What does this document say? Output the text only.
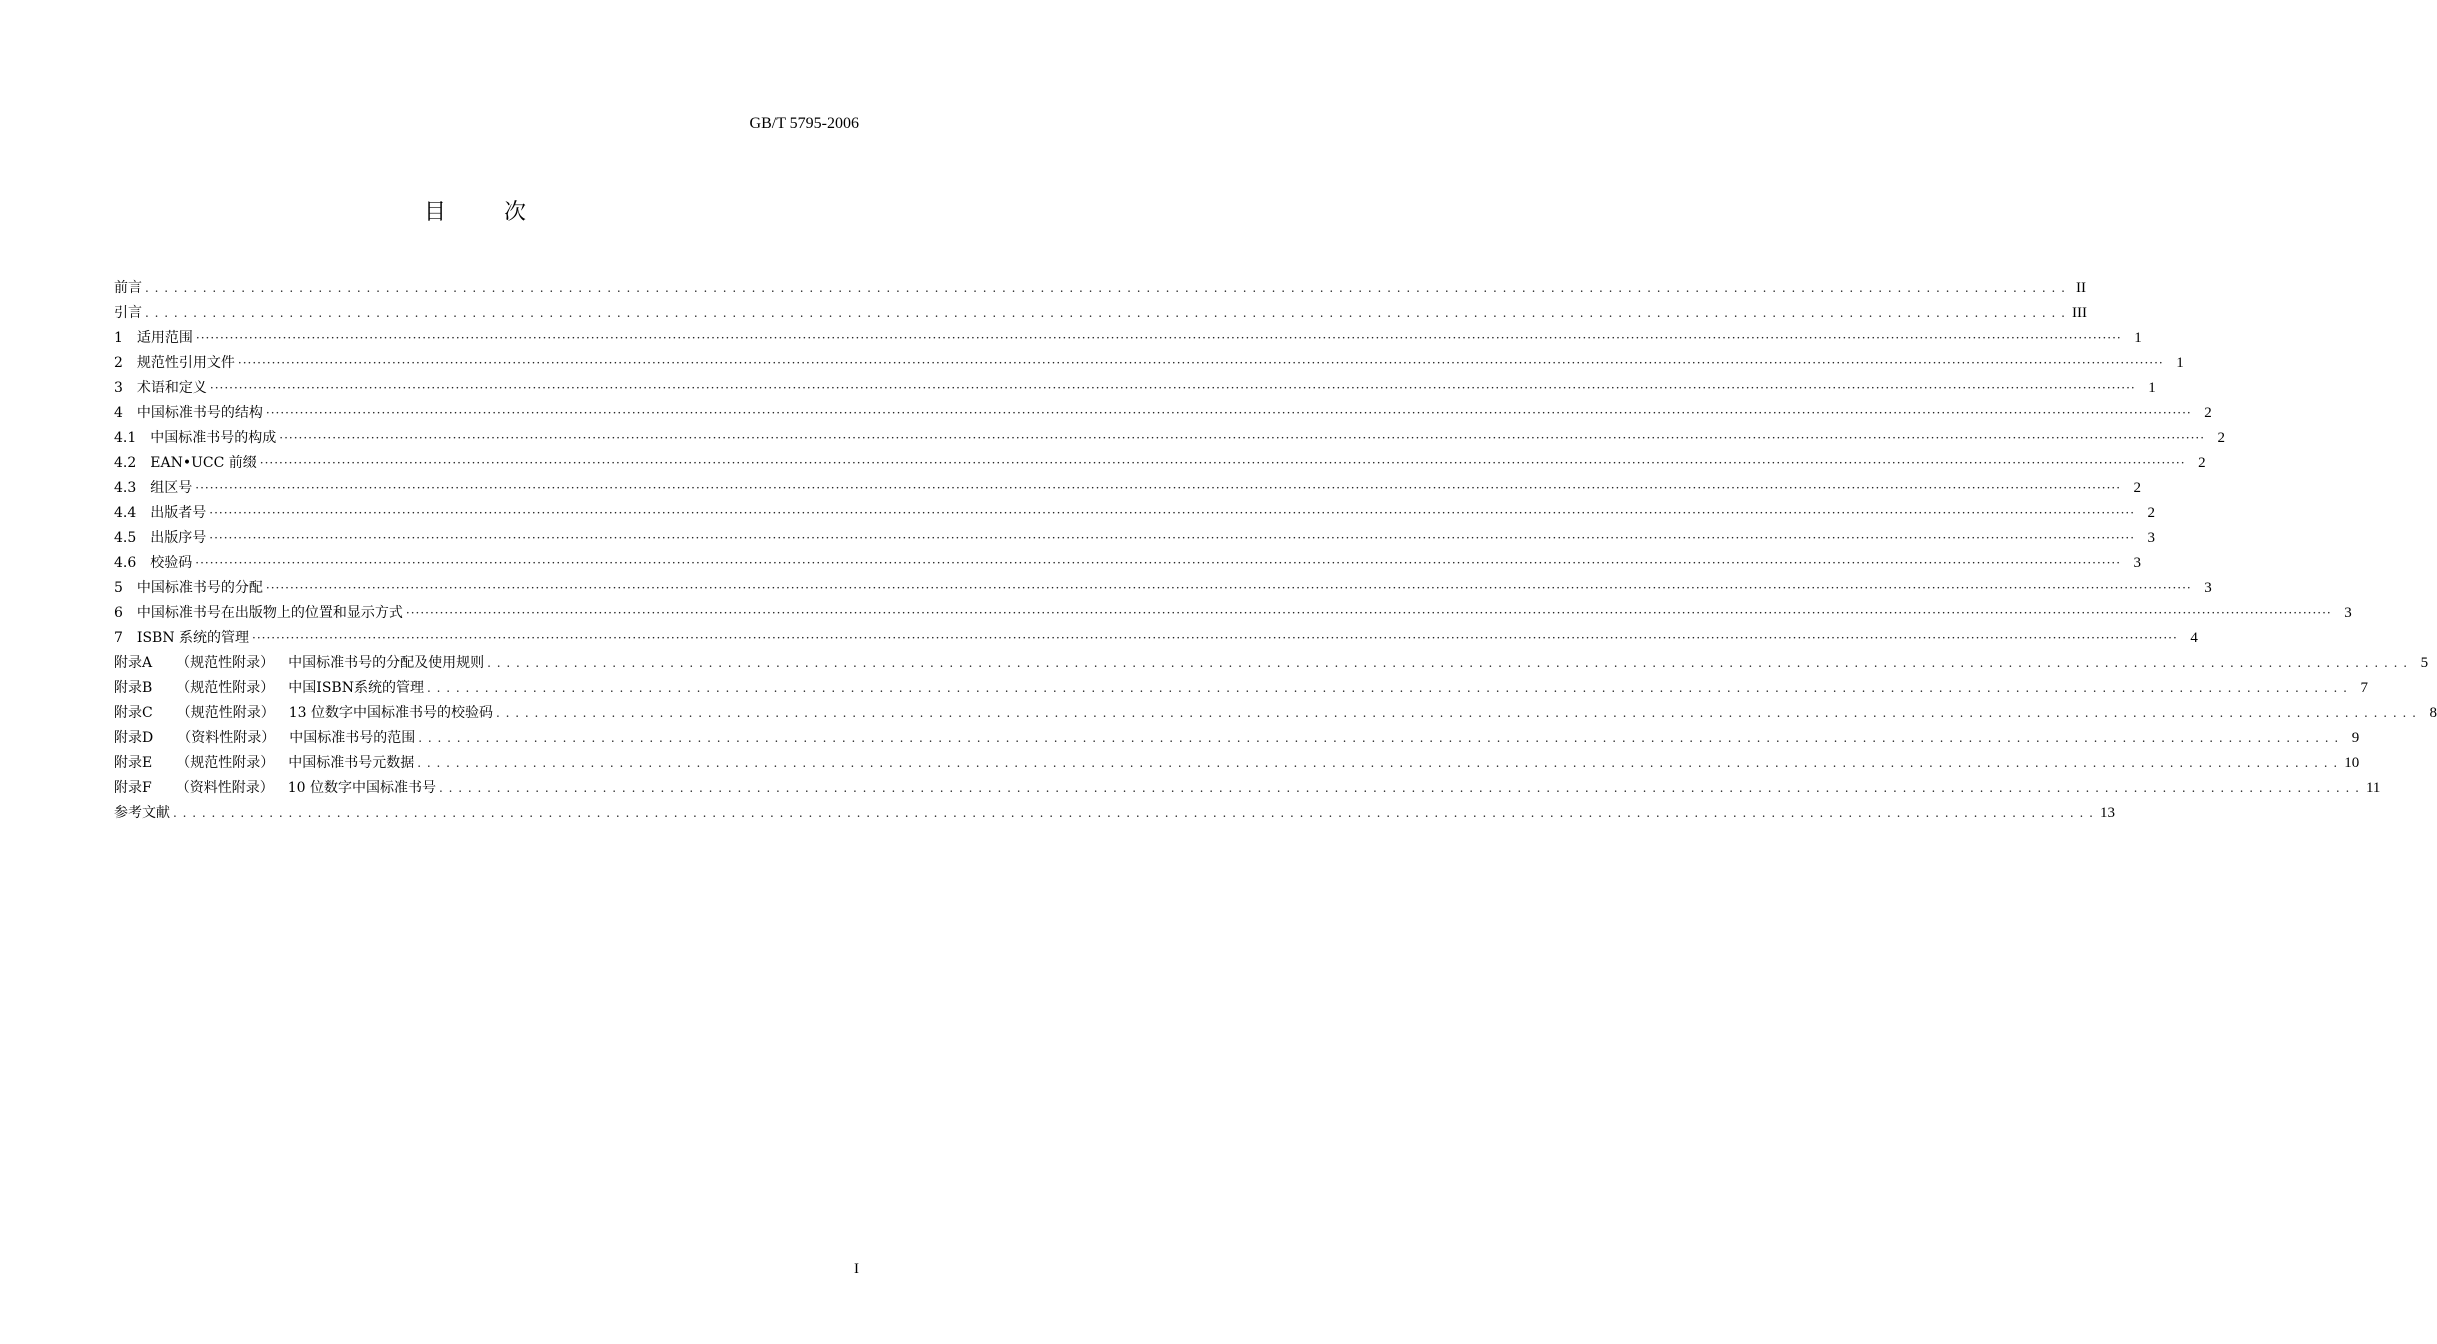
GB/T 5795-2006
目次
前言 . . . . . . . . . . . . . . . . . . . . . . . . . . . . . . . . . . . . . . . . . . . . . . . . . . . . . . . . . . . . . . . . . . . . . . . . . . . . . . . . . . . . . . . . . . . . . . . . . . . . . . . . . . . . . . . . . . . . . . . . . . . . . . . . . . . . . . . . . . . . . . . . . . . . . . . . . . . . . . . . . . . . . . . . . . . . . . . . . . . . . . . . . . . . . . . . . . . . . . . . II
引言 . . . . . . . . . . . . . . . . . . . . . . . . . . . . . . . . . . . . . . . . . . . . . . . . . . . . . . . . . . . . . . . . . . . . . . . . . . . . . . . . . . . . . . . . . . . . . . . . . . . . . . . . . . . . . . . . . . . . . . . . . . . . . . . . . . . . . . . . . . . . . . . . . . . . . . . . . . . . . . . . . . . . . . . . . . . . . . . . . . . . . . . . . . . . . . . . . . . . . . . . III
1 适用范围 ················································································································································································································································································································································································································ 1
2 规范性引用文件 ················································································································································································································································································································································································································ 1
3 术语和定义 ················································································································································································································································································································································································································ 1
4 中国标准书号的结构 ················································································································································································································································································································································································································ 2
4.1 中国标准书号的构成 ················································································································································································································································································································································································································ 2
4.2 EAN•UCC 前缀 ················································································································································································································································································································································································································ 2
4.3 组区号 ················································································································································································································································································································································································································ 2
4.4 出版者号 ················································································································································································································································································································································································································ 2
4.5 出版序号 ················································································································································································································································································································································································································ 3
4.6 校验码 ················································································································································································································································································································································································································ 3
5 中国标准书号的分配 ················································································································································································································································································································································································································ 3
6 中国标准书号在出版物上的位置和显示方式 ················································································································································································································································································································································································································ 3
7 ISBN 系统的管理 ················································································································································································································································································································································································································ 4
附录A （规范性附录） 中国标准书号的分配及使用规则 . . . . . . . . . . . . . . . . . . . . . . . . . . . . . . . . . . . . . . . . . . . . . . . . . . . . . . . . . . . . . . . . . . . . . . . . . . . . . . . . . . . . . . . . . . . . . . . . . . . . . . . . . . . . . . . . . . . . . . . . . . . . . . . . . . . . . . . . . . . . . . . . . . . . . . . . . . . . . . . . . . . . . . . . . . . . . . . . . . . . . . . . . . . . . . . . . . . . . . . . 5
附录B （规范性附录） 中国ISBN系统的管理 . . . . . . . . . . . . . . . . . . . . . . . . . . . . . . . . . . . . . . . . . . . . . . . . . . . . . . . . . . . . . . . . . . . . . . . . . . . . . . . . . . . . . . . . . . . . . . . . . . . . . . . . . . . . . . . . . . . . . . . . . . . . . . . . . . . . . . . . . . . . . . . . . . . . . . . . . . . . . . . . . . . . . . . . . . . . . . . . . . . . . . . . . . . . . . . . . . . . . . . . 7
附录C （规范性附录） 13 位数字中国标准书号的校验码 . . . . . . . . . . . . . . . . . . . . . . . . . . . . . . . . . . . . . . . . . . . . . . . . . . . . . . . . . . . . . . . . . . . . . . . . . . . . . . . . . . . . . . . . . . . . . . . . . . . . . . . . . . . . . . . . . . . . . . . . . . . . . . . . . . . . . . . . . . . . . . . . . . . . . . . . . . . . . . . . . . . . . . . . . . . . . . . . . . . . . . . . . . . . . . . . . . . . . . . . 8
附录D （资料性附录） 中国标准书号的范围 . . . . . . . . . . . . . . . . . . . . . . . . . . . . . . . . . . . . . . . . . . . . . . . . . . . . . . . . . . . . . . . . . . . . . . . . . . . . . . . . . . . . . . . . . . . . . . . . . . . . . . . . . . . . . . . . . . . . . . . . . . . . . . . . . . . . . . . . . . . . . . . . . . . . . . . . . . . . . . . . . . . . . . . . . . . . . . . . . . . . . . . . . . . . . . . . . . . . . . . . 9
附录E （规范性附录） 中国标准书号元数据 . . . . . . . . . . . . . . . . . . . . . . . . . . . . . . . . . . . . . . . . . . . . . . . . . . . . . . . . . . . . . . . . . . . . . . . . . . . . . . . . . . . . . . . . . . . . . . . . . . . . . . . . . . . . . . . . . . . . . . . . . . . . . . . . . . . . . . . . . . . . . . . . . . . . . . . . . . . . . . . . . . . . . . . . . . . . . . . . . . . . . . . . . . . . . . . . . . . . . . . . 10
附录F （资料性附录） 10 位数字中国标准书号 . . . . . . . . . . . . . . . . . . . . . . . . . . . . . . . . . . . . . . . . . . . . . . . . . . . . . . . . . . . . . . . . . . . . . . . . . . . . . . . . . . . . . . . . . . . . . . . . . . . . . . . . . . . . . . . . . . . . . . . . . . . . . . . . . . . . . . . . . . . . . . . . . . . . . . . . . . . . . . . . . . . . . . . . . . . . . . . . . . . . . . . . . . . . . . . . . . . . . . . . 11
参考文献 . . . . . . . . . . . . . . . . . . . . . . . . . . . . . . . . . . . . . . . . . . . . . . . . . . . . . . . . . . . . . . . . . . . . . . . . . . . . . . . . . . . . . . . . . . . . . . . . . . . . . . . . . . . . . . . . . . . . . . . . . . . . . . . . . . . . . . . . . . . . . . . . . . . . . . . . . . . . . . . . . . . . . . . . . . . . . . . . . . . . . . . . . . . . . . . . . . . . . . . . 13
I
